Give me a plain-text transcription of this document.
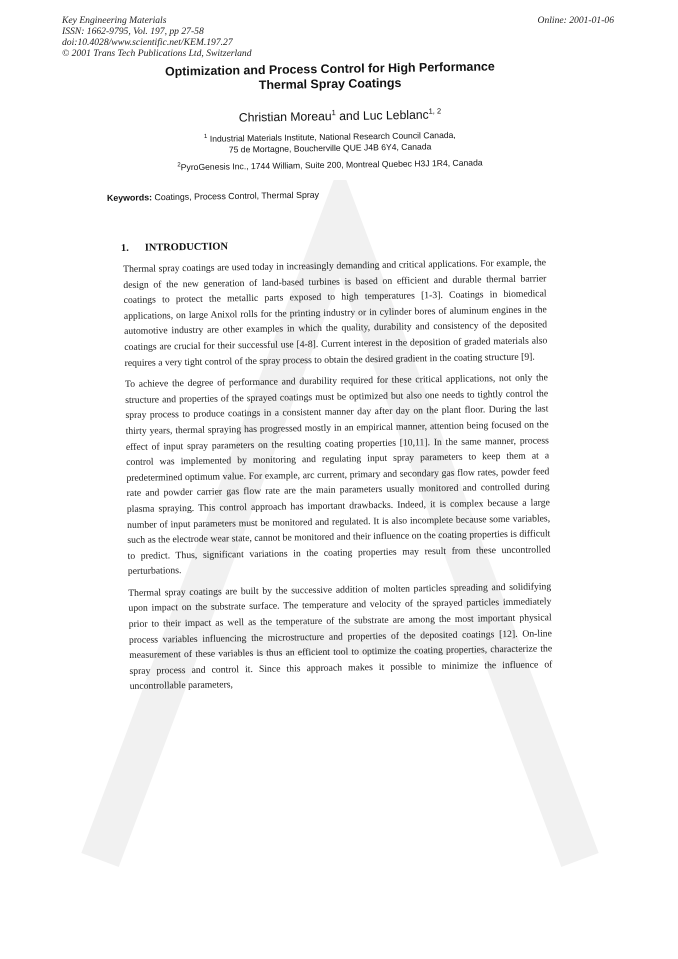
Key Engineering Materials
ISSN: 1662-9795, Vol. 197, pp 27-58
doi:10.4028/www.scientific.net/KEM.197.27
© 2001 Trans Tech Publications Ltd, Switzerland
Online: 2001-01-06
Optimization and Process Control for High Performance
Thermal Spray Coatings
Christian Moreau$^1$ and Luc Leblanc$^{1, 2}$
$^1$ Industrial Materials Institute, National Research Council Canada,
75 de Mortagne, Boucherville QUE J4B 6Y4, Canada
$^2$PyroGenesis Inc., 1744 William, Suite 200, Montreal Quebec H3J 1R4, Canada
Keywords: Coatings, Process Control, Thermal Spray
1. INTRODUCTION

Thermal spray coatings are used today in increasingly demanding and critical applications. For example, the design of the new generation of land-based turbines is based on efficient and durable thermal barrier coatings to protect the metallic parts exposed to high temperatures [1-3]. Coatings in biomedical applications, on large Anixol rolls for the printing industry or in cylinder bores of aluminum engines in the automotive industry are other examples in which the quality, durability and consistency of the deposited coatings are crucial for their successful use [4-8]. Current interest in the deposition of graded materials also requires a very tight control of the spray process to obtain the desired gradient in the coating structure [9].

To achieve the degree of performance and durability required for these critical applications, not only the structure and properties of the sprayed coatings must be optimized but also one needs to tightly control the spray process to produce coatings in a consistent manner day after day on the plant floor. During the last thirty years, thermal spraying has progressed mostly in an empirical manner, attention being focused on the effect of input spray parameters on the resulting coating properties [10,11]. In the same manner, process control was implemented by monitoring and regulating input spray parameters to keep them at a predetermined optimum value. For example, arc current, primary and secondary gas flow rates, powder feed rate and powder carrier gas flow rate are the main parameters usually monitored and controlled during plasma spraying. This control approach has important drawbacks. Indeed, it is complex because a large number of input parameters must be monitored and regulated. It is also incomplete because some variables, such as the electrode wear state, cannot be monitored and their influence on the coating properties is difficult to predict. Thus, significant variations in the coating properties may result from these uncontrolled perturbations.

Thermal spray coatings are built by the successive addition of molten particles spreading and solidifying upon impact on the substrate surface. The temperature and velocity of the sprayed particles immediately prior to their impact as well as the temperature of the substrate are among the most important physical process variables influencing the microstructure and properties of the deposited coatings [12]. On-line measurement of these variables is thus an efficient tool to optimize the coating properties, characterize the spray process and control it. Since this approach makes it possible to minimize the influence of uncontrollable parameters,
